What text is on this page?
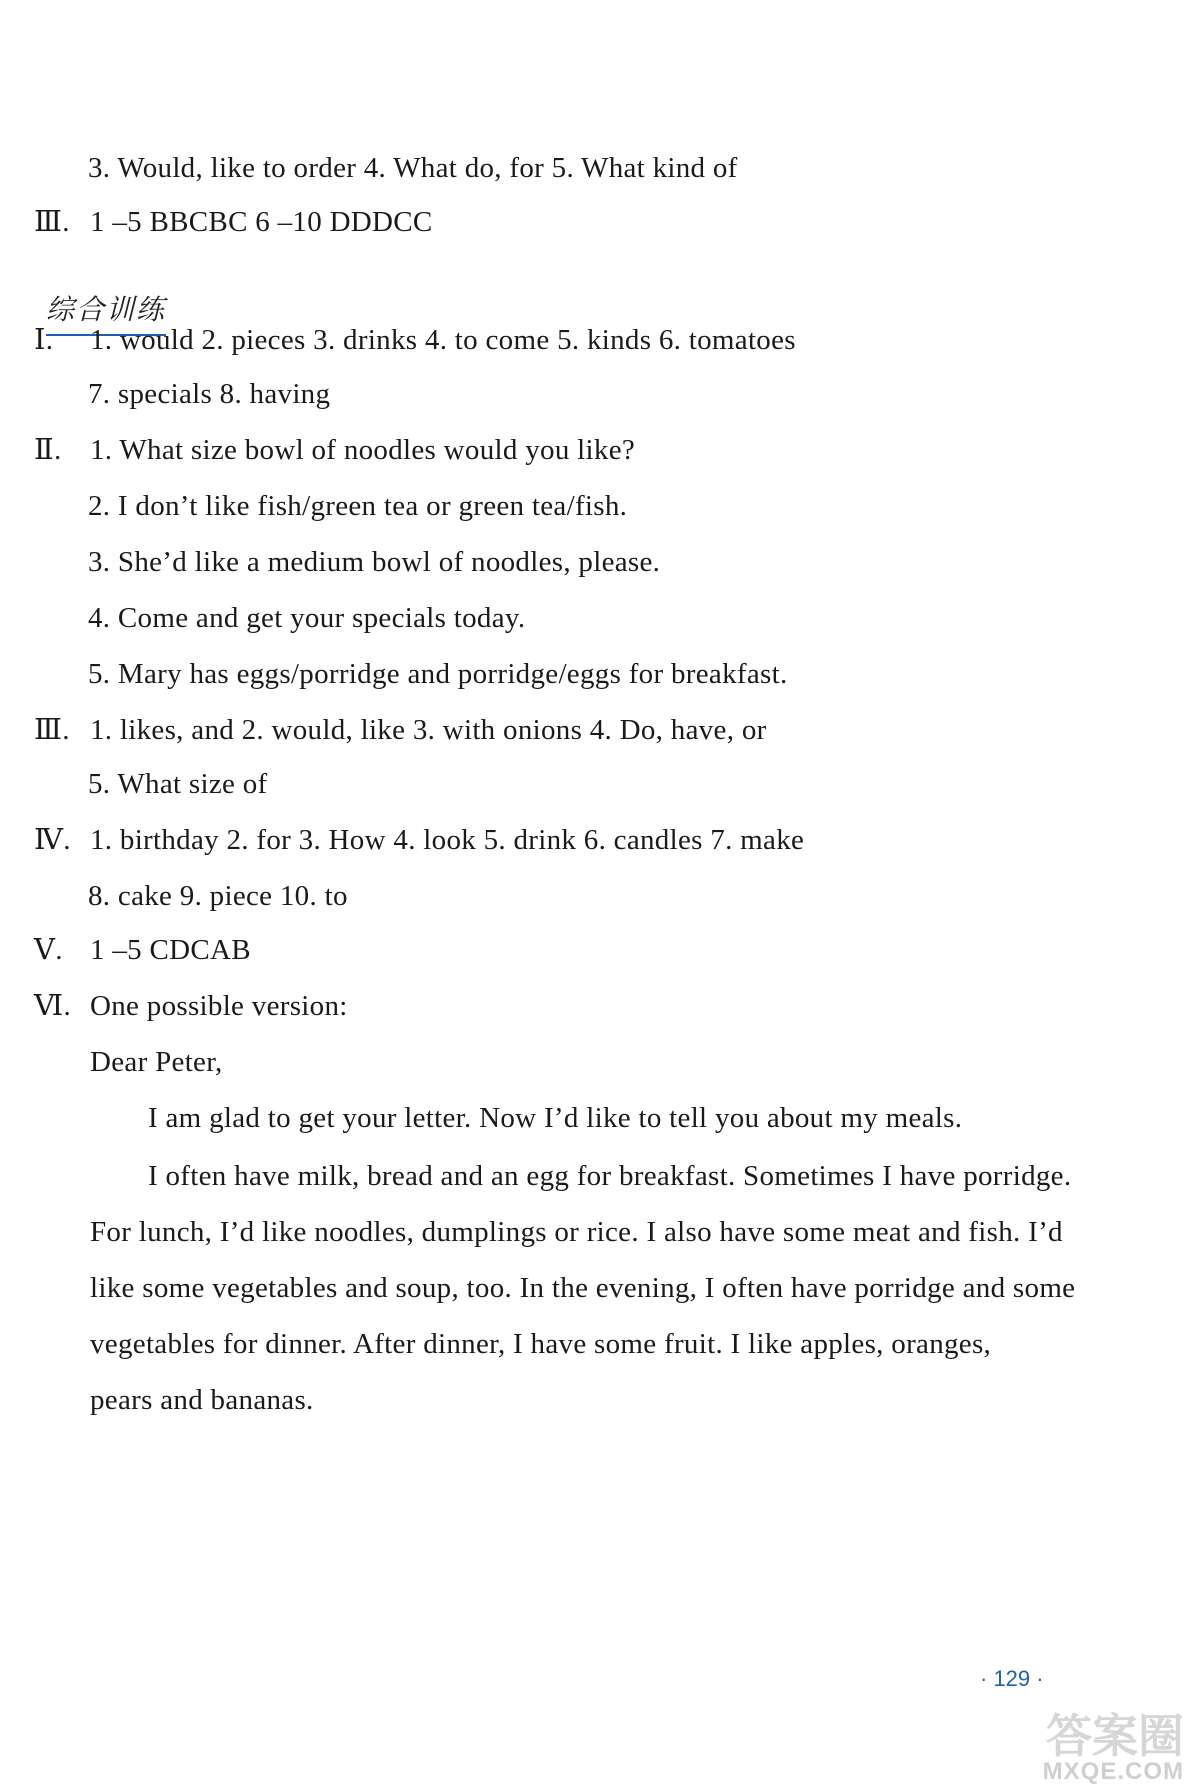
3. Would, like to order 4. What do, for 5. What kind of
Ⅲ. 1 –5 BBCBC 6 –10 DDDCC
综合训练
Ⅰ. 1. would 2. pieces 3. drinks 4. to come 5. kinds 6. tomatoes
7. specials 8. having
Ⅱ. 1. What size bowl of noodles would you like?
2. I don’t like fish/green tea or green tea/fish.
3. She’d like a medium bowl of noodles, please.
4. Come and get your specials today.
5. Mary has eggs/porridge and porridge/eggs for breakfast.
Ⅲ. 1. likes, and 2. would, like 3. with onions 4. Do, have, or
5. What size of
Ⅳ. 1. birthday 2. for 3. How 4. look 5. drink 6. candles 7. make
8. cake 9. piece 10. to
Ⅴ. 1 –5 CDCAB
Ⅵ. One possible version:
Dear Peter,
I am glad to get your letter. Now I’d like to tell you about my meals.
I often have milk, bread and an egg for breakfast. Sometimes I have porridge.
For lunch, I’d like noodles, dumplings or rice. I also have some meat and fish. I’d
like some vegetables and soup, too. In the evening, I often have porridge and some
vegetables for dinner. After dinner, I have some fruit. I like apples, oranges,
pears and bananas.
· 129 ·
答案圈
MXQE.COM
